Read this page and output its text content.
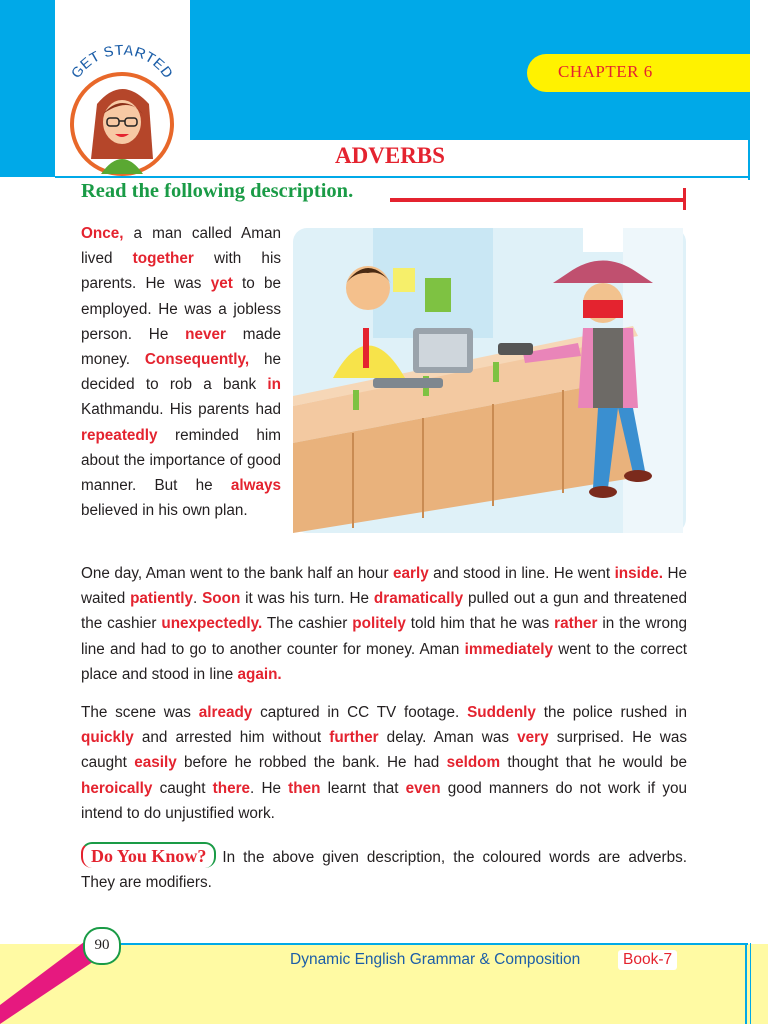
CHAPTER 6
GET STARTED
ADVERBS
Read the following description.
Once, a man called Aman lived together with his parents. He was yet to be employed. He was a jobless person. He never made money. Consequently, he decided to rob a bank in Kathmandu. His parents had repeatedly reminded him about the importance of good manner. But he always believed in his own plan.
One day, Aman went to the bank half an hour early and stood in line. He went inside. He waited patiently. Soon it was his turn. He dramatically pulled out a gun and threatened the cashier unexpectedly. The cashier politely told him that he was rather in the wrong line and had to go to another counter for money. Aman immediately went to the correct place and stood in line again.
The scene was already captured in CC TV footage. Suddenly the police rushed in quickly and arrested him without further delay. Aman was very surprised. He was caught easily before he robbed the bank. He had seldom thought that he would be heroically caught there. He then learnt that even good manners do not work if you intend to do unjustified work.
Do You Know? In the above given description, the coloured words are adverbs. They are modifiers.
90
Dynamic English Grammar & Composition	Book-7
